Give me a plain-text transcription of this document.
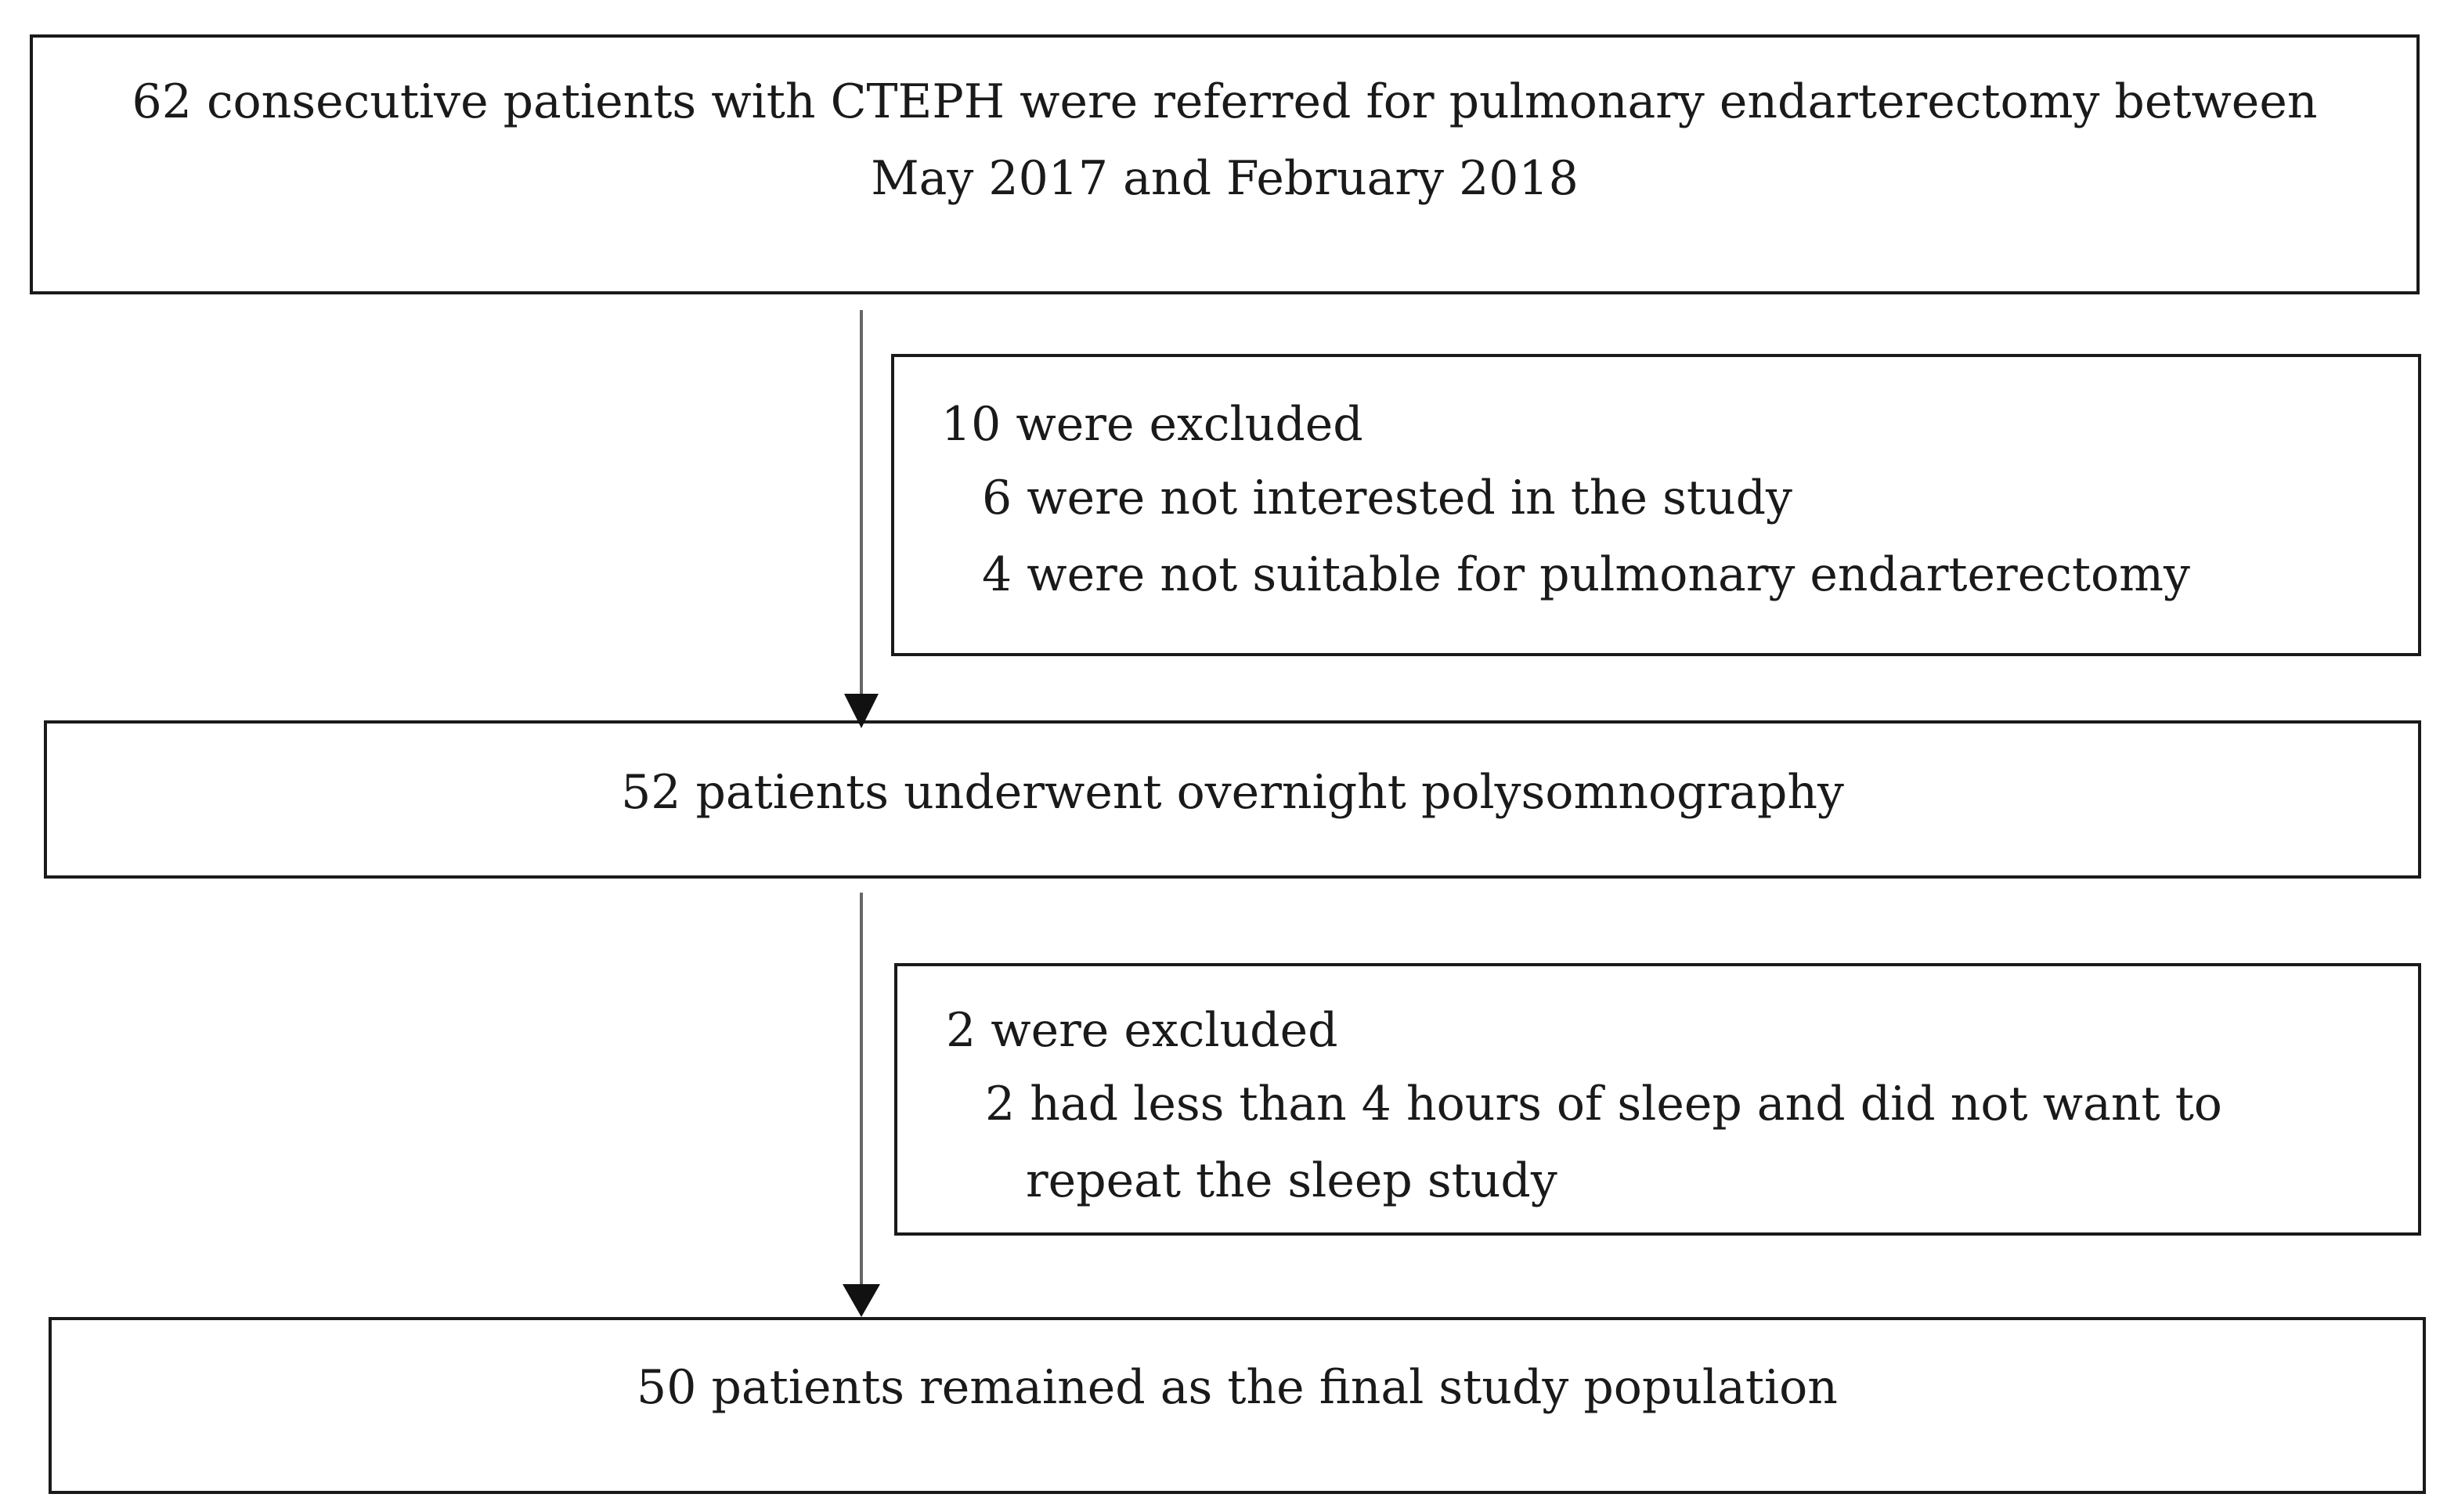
62 consecutive patients with CTEPH were referred for pulmonary endarterectomy between
May 2017 and February 2018
10 were excluded
6 were not interested in the study
4 were not suitable for pulmonary endarterectomy
52 patients underwent overnight polysomnography
2 were excluded
2 had less than 4 hours of sleep and did not want to
repeat the sleep study
50 patients remained as the final study population
